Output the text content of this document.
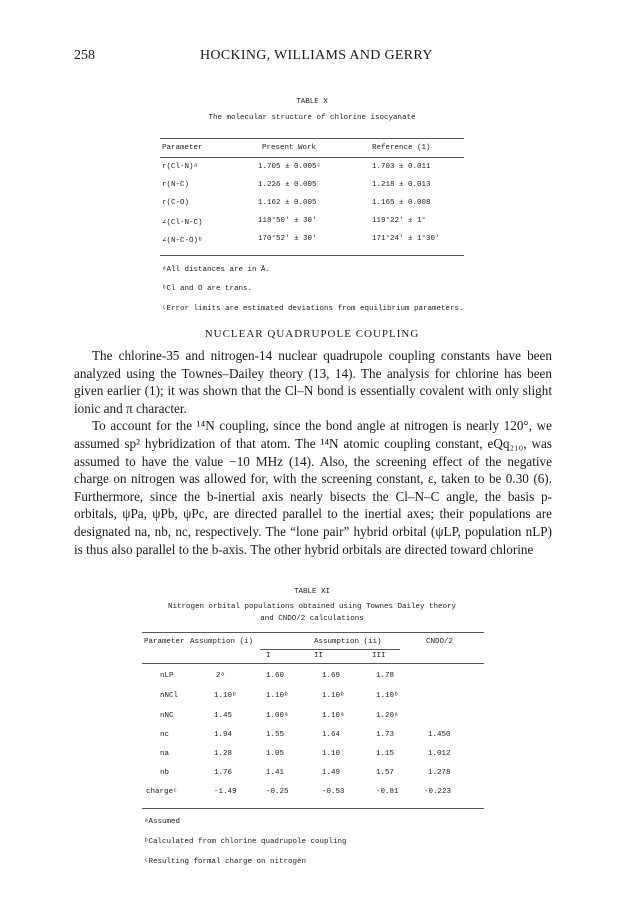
258	HOCKING, WILLIAMS AND GERRY
TABLE X
The molecular structure of chlorine isocyanate
Parameter	Present Work	Reference (1)
r(Cl-N)ᵃ	1.705 ± 0.005ᶜ	1.703 ± 0.011
r(N-C)	1.226 ± 0.005	1.218 ± 0.013
r(C-O)	1.162 ± 0.005	1.165 ± 0.008
∠(Cl-N-C)	118°50' ± 30'	119°22' ± 1°
∠(N-C-O)ᵇ	170°52' ± 30'	171°24' ± 1°30'
ᵃAll distances are in Å.
ᵇCl and O are trans.
ᶜError limits are estimated deviations from equilibrium parameters.
NUCLEAR QUADRUPOLE COUPLING

The chlorine-35 and nitrogen-14 nuclear quadrupole coupling constants have been analyzed using the Townes–Dailey theory (13, 14). The analysis for chlorine has been given earlier (1); it was shown that the Cl–N bond is essentially covalent with only slight ionic and π character.

To account for the ¹⁴N coupling, since the bond angle at nitrogen is nearly 120°, we assumed sp² hybridization of that atom. The ¹⁴N atomic coupling constant, eQq₂₁₀, was assumed to have the value −10 MHz (14). Also, the screening effect of the negative charge on nitrogen was allowed for, with the screening constant, ε, taken to be 0.30 (6). Furthermore, since the b-inertial axis nearly bisects the Cl–N–C angle, the basis p-orbitals, ψPa, ψPb, ψPc, are directed parallel to the inertial axes; their populations are designated na, nb, nc, respectively. The “lone pair” hybrid orbital (ψLP, population nLP) is thus also parallel to the b-axis. The other hybrid orbitals are directed toward chlorine

TABLE XI
Nitrogen orbital populations obtained using Townes Dailey theory
and CNDO/2 calculations
Parameter Assumption (i)	Assumption (ii)	CNDO/2
I	II	III
nLP	2ᵃ	1.60	1.69	1.78
nNCl	1.10ᵇ	1.10ᵇ	1.10ᵇ	1.10ᵇ
nNC	1.45	1.00ᵃ	1.10ᵃ	1.20ᵃ
nc	1.94	1.55	1.64	1.73	1.450
na	1.28	1.05	1.10	1.15	1.012
nb	1.76	1.41	1.49	1.57	1.278
chargeᶜ	-1.49	-0.25	-0.53	-0.81	-0.223
ᵃAssumed
ᵇCalculated from chlorine quadrupole coupling
ᶜResulting formal charge on nitrogen
